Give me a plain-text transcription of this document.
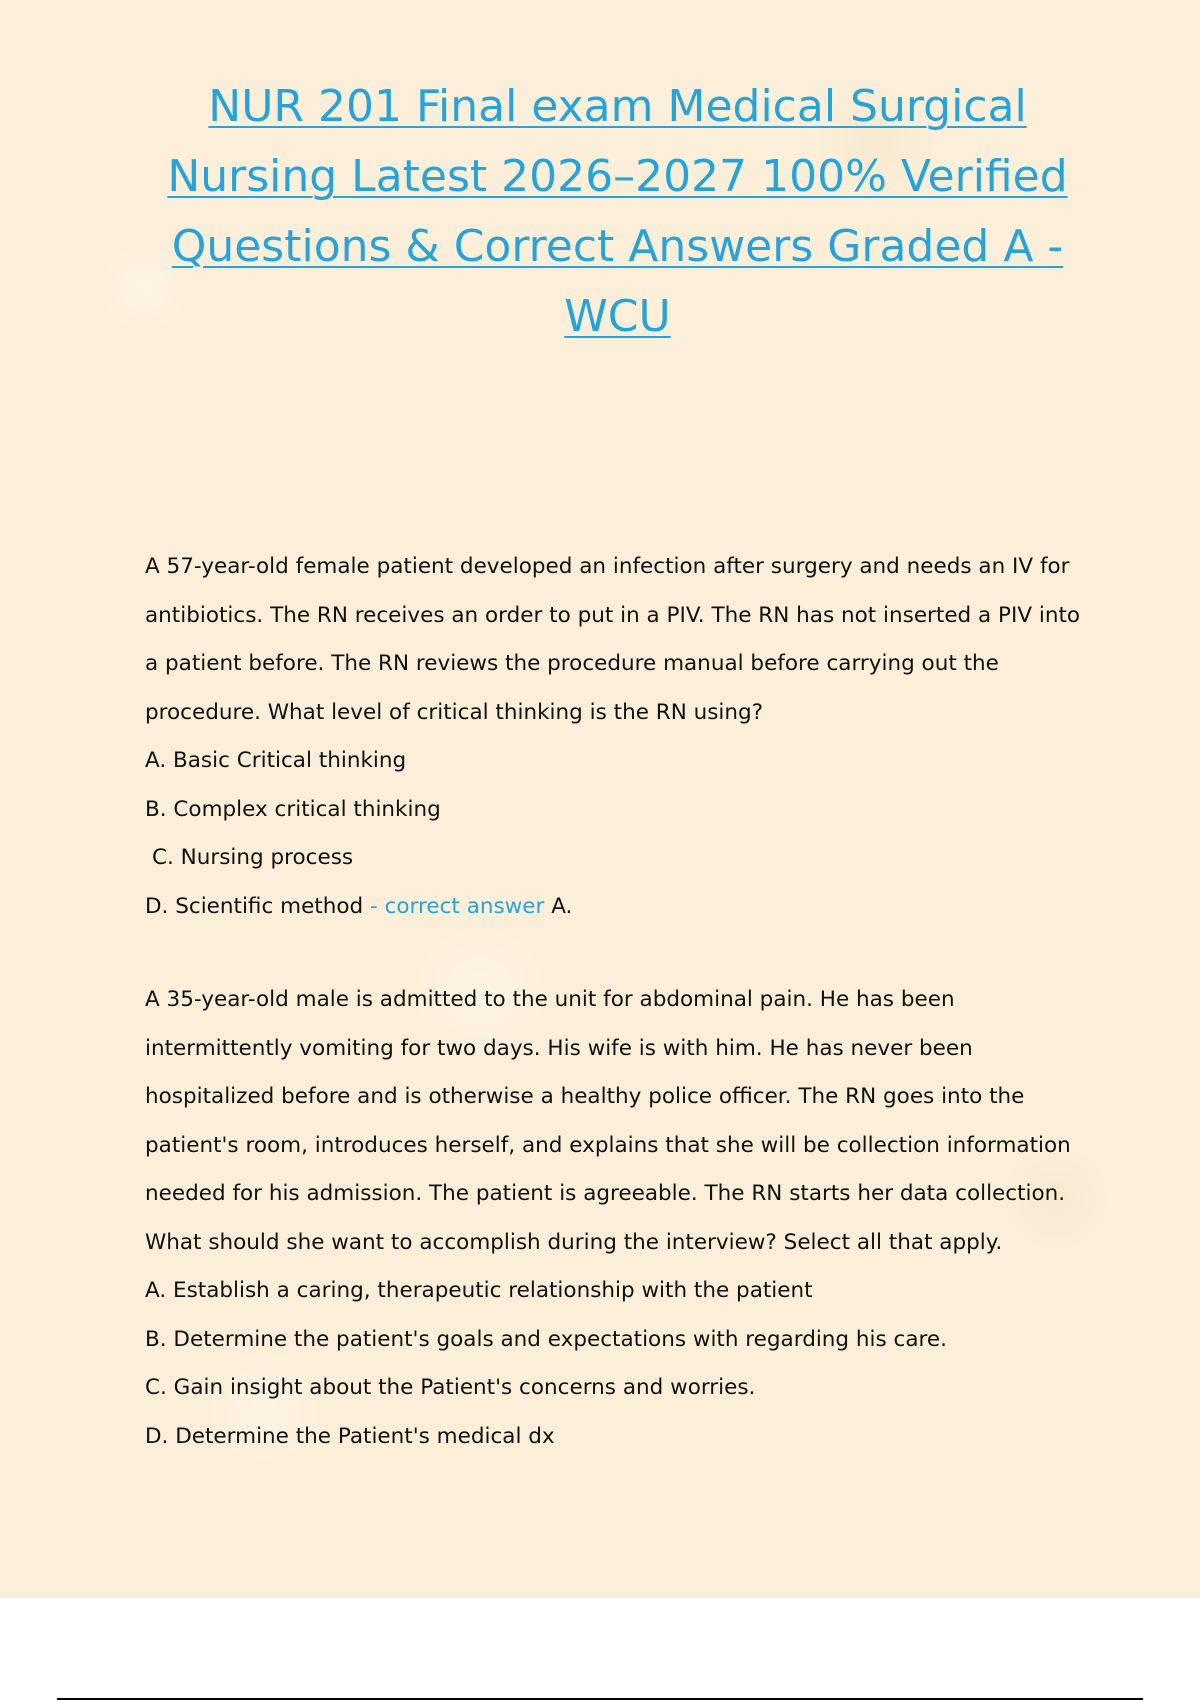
NUR 201 Final exam Medical Surgical Nursing Latest 2026–2027 100% Verified Questions & Correct Answers Graded A - WCU

A 57-year-old female patient developed an infection after surgery and needs an IV for antibiotics. The RN receives an order to put in a PIV. The RN has not inserted a PIV into a patient before. The RN reviews the procedure manual before carrying out the procedure. What level of critical thinking is the RN using?

A. Basic Critical thinking
B. Complex critical thinking
C. Nursing process
D. Scientific method - correct answer A.

A 35-year-old male is admitted to the unit for abdominal pain. He has been intermittently vomiting for two days. His wife is with him. He has never been hospitalized before and is otherwise a healthy police officer. The RN goes into the patient's room, introduces herself, and explains that she will be collection information needed for his admission. The patient is agreeable. The RN starts her data collection. What should she want to accomplish during the interview? Select all that apply.

A. Establish a caring, therapeutic relationship with the patient
B. Determine the patient's goals and expectations with regarding his care.
C. Gain insight about the Patient's concerns and worries.
D. Determine the Patient's medical dx
